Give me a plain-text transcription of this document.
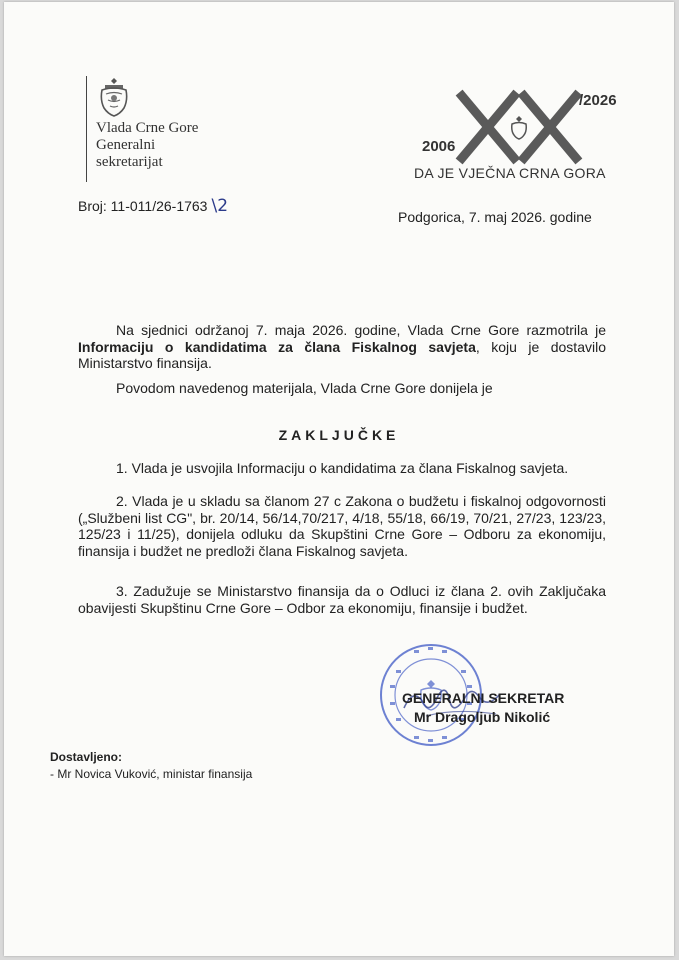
Vlada Crne Gore
Generalni
sekretarijat
/2026
2006
DA JE VJEČNA CRNA GORA
Broj: 11-011/26-1763 \2
Podgorica, 7. maj 2026. godine
Na sjednici održanoj 7. maja 2026. godine, Vlada Crne Gore razmotrila je Informaciju o kandidatima za člana Fiskalnog savjeta, koju je dostavilo Ministarstvo finansija.
Povodom navedenog materijala, Vlada Crne Gore donijela je
ZAKLJUČKE
1. Vlada je usvojila Informaciju o kandidatima za člana Fiskalnog savjeta.
2. Vlada je u skladu sa članom 27 c Zakona o budžetu i fiskalnoj odgovornosti („Službeni list CG", br. 20/14, 56/14,70/217, 4/18, 55/18, 66/19, 70/21, 27/23, 123/23, 125/23 i 11/25), donijela odluku da Skupštini Crne Gore – Odboru za ekonomiju, finansija i budžet ne predloži člana Fiskalnog savjeta.
3. Zadužuje se Ministarstvo finansija da o Odluci iz člana 2. ovih Zaključaka obavijesti Skupštinu Crne Gore – Odbor za ekonomiju, finansije i budžet.
GENERALNI SEKRETAR
Mr Dragoljub Nikolić
Dostavljeno:
- Mr Novica Vuković, ministar finansija
